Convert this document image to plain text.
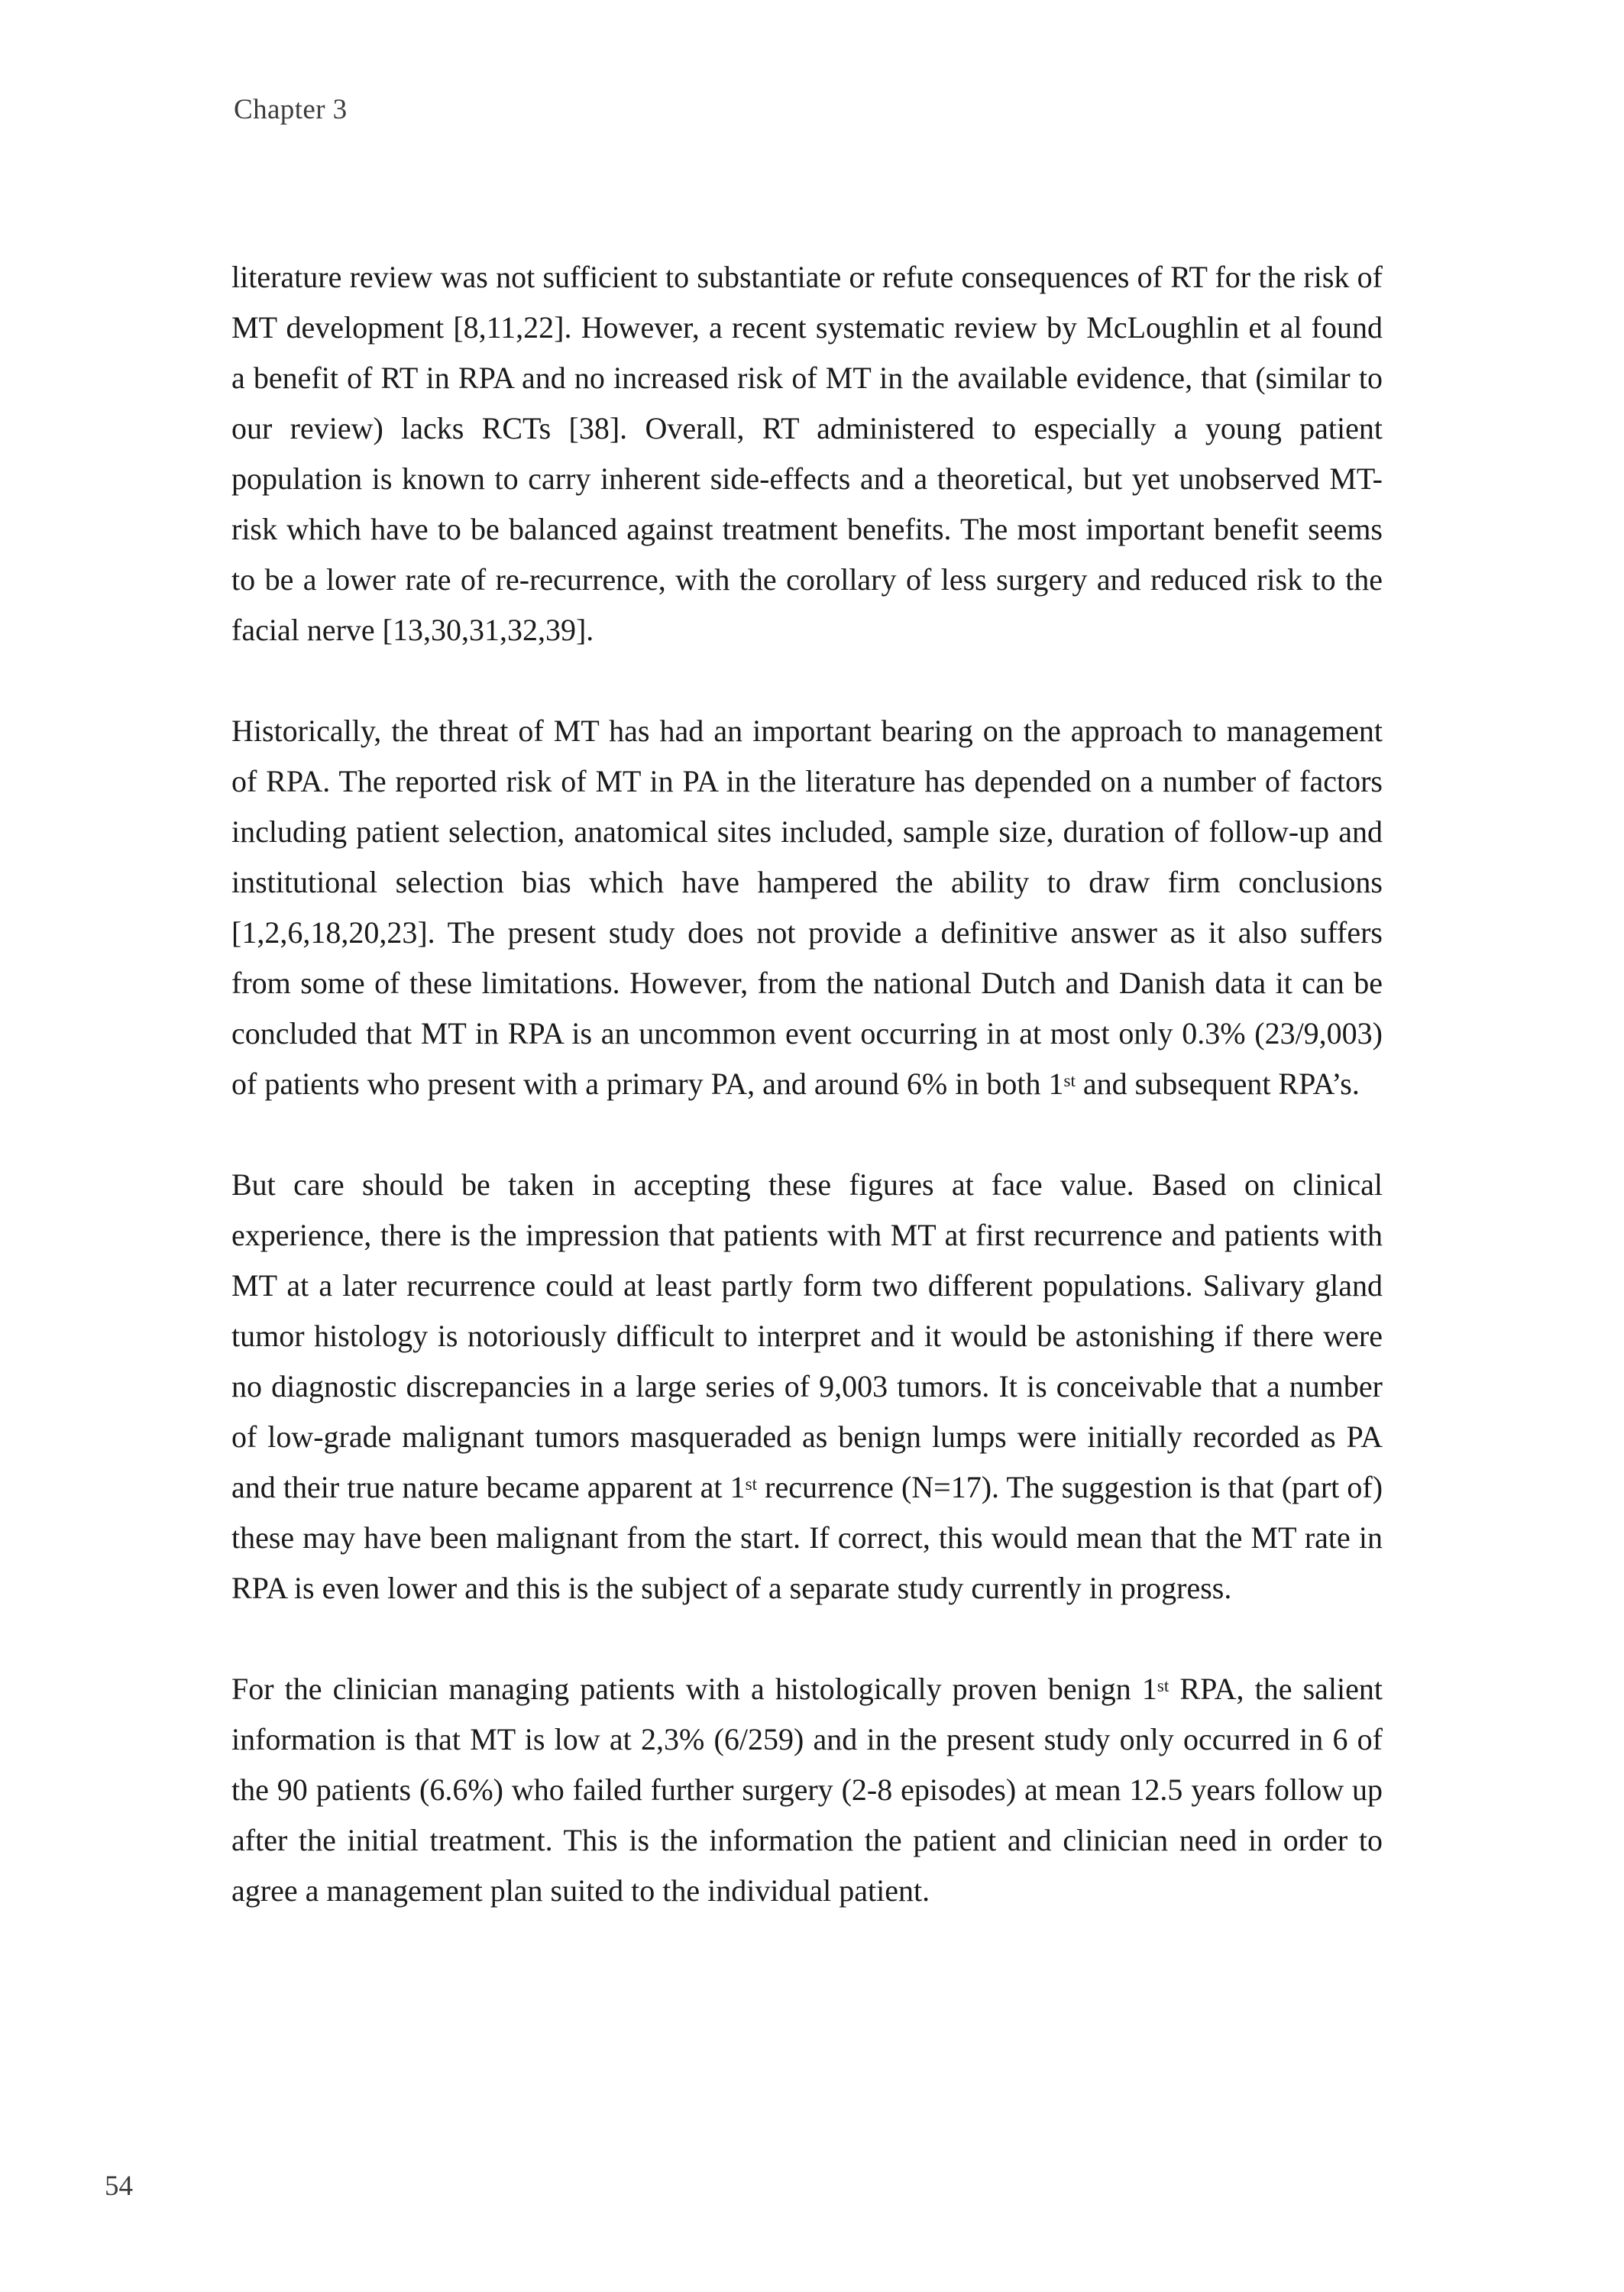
Chapter 3

literature review was not sufficient to substantiate or refute consequences of RT for the risk of MT development [8,11,22]. However, a recent systematic review by McLoughlin et al found a benefit of RT in RPA and no increased risk of MT in the available evidence, that (similar to our review) lacks RCTs [38]. Overall, RT administered to especially a young patient population is known to carry inherent side-effects and a theoretical, but yet unobserved MT-risk which have to be balanced against treatment benefits. The most important benefit seems to be a lower rate of re-recurrence, with the corollary of less surgery and reduced risk to the facial nerve [13,30,31,32,39].

Historically, the threat of MT has had an important bearing on the approach to management of RPA. The reported risk of MT in PA in the literature has depended on a number of factors including patient selection, anatomical sites included, sample size, duration of follow-up and institutional selection bias which have hampered the ability to draw firm conclusions [1,2,6,18,20,23]. The present study does not provide a definitive answer as it also suffers from some of these limitations. However, from the national Dutch and Danish data it can be concluded that MT in RPA is an uncommon event occurring in at most only 0.3% (23/9,003) of patients who present with a primary PA, and around 6% in both 1st and subsequent RPA’s.

But care should be taken in accepting these figures at face value. Based on clinical experience, there is the impression that patients with MT at first recurrence and patients with MT at a later recurrence could at least partly form two different populations. Salivary gland tumor histology is notoriously difficult to interpret and it would be astonishing if there were no diagnostic discrepancies in a large series of 9,003 tumors. It is conceivable that a number of low-grade malignant tumors masqueraded as benign lumps were initially recorded as PA and their true nature became apparent at 1st recurrence (N=17). The suggestion is that (part of) these may have been malignant from the start. If correct, this would mean that the MT rate in RPA is even lower and this is the subject of a separate study currently in progress.

For the clinician managing patients with a histologically proven benign 1st RPA, the salient information is that MT is low at 2,3% (6/259) and in the present study only occurred in 6 of the 90 patients (6.6%) who failed further surgery (2-8 episodes) at mean 12.5 years follow up after the initial treatment. This is the information the patient and clinician need in order to agree a management plan suited to the individual patient.

54
